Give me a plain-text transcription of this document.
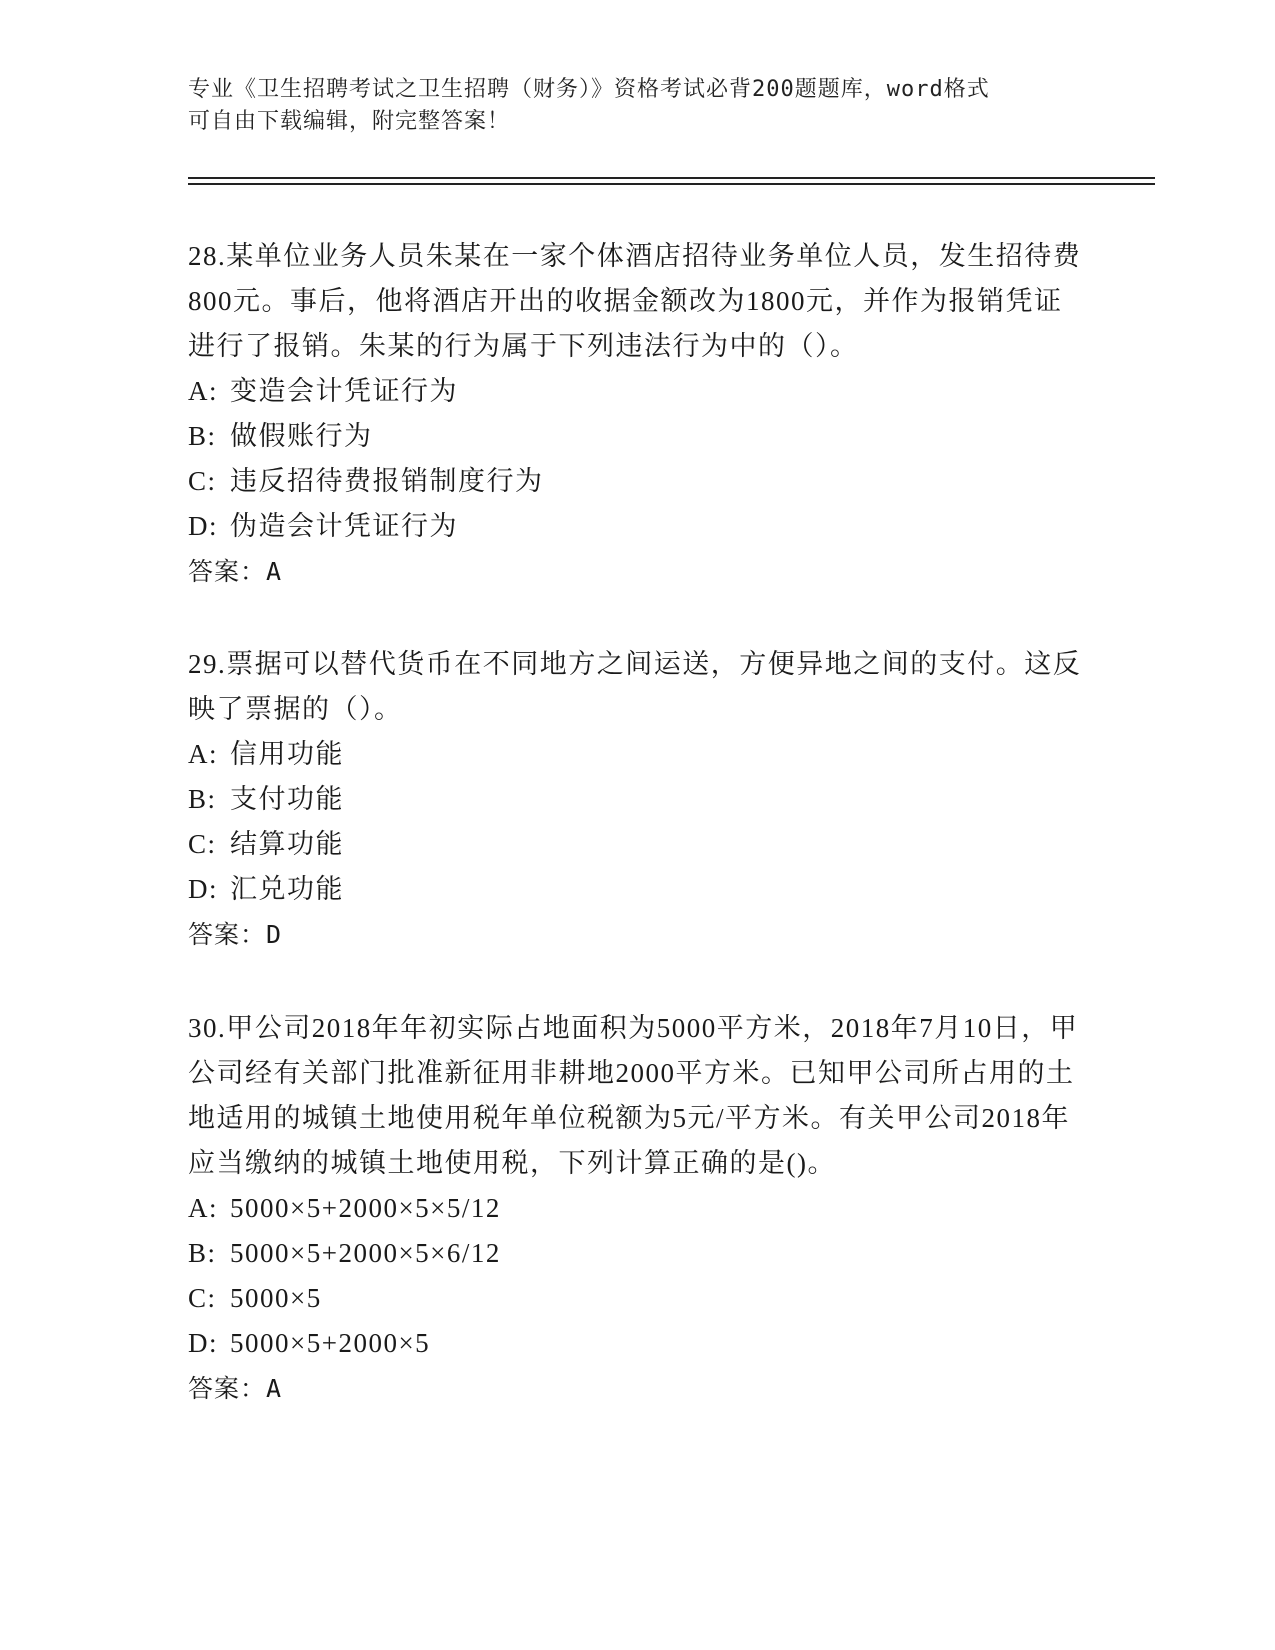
专业《卫生招聘考试之卫生招聘（财务）》资格考试必背200题题库，word格式
可自由下载编辑，附完整答案！

28.某单位业务人员朱某在一家个体酒店招待业务单位人员，发生招待费800元。事后，他将酒店开出的收据金额改为1800元，并作为报销凭证进行了报销。朱某的行为属于下列违法行为中的（）。

A: 变造会计凭证行为
B: 做假账行为
C: 违反招待费报销制度行为
D: 伪造会计凭证行为
答案：A

29.票据可以替代货币在不同地方之间运送，方便异地之间的支付。这反映了票据的（）。

A: 信用功能
B: 支付功能
C: 结算功能
D: 汇兑功能
答案：D

30.甲公司2018年年初实际占地面积为5000平方米，2018年7月10日，甲公司经有关部门批准新征用非耕地2000平方米。已知甲公司所占用的土地适用的城镇土地使用税年单位税额为5元/平方米。有关甲公司2018年应当缴纳的城镇土地使用税，下列计算正确的是()。

A: 5000×5+2000×5×5/12
B: 5000×5+2000×5×6/12
C: 5000×5
D: 5000×5+2000×5
答案：A
